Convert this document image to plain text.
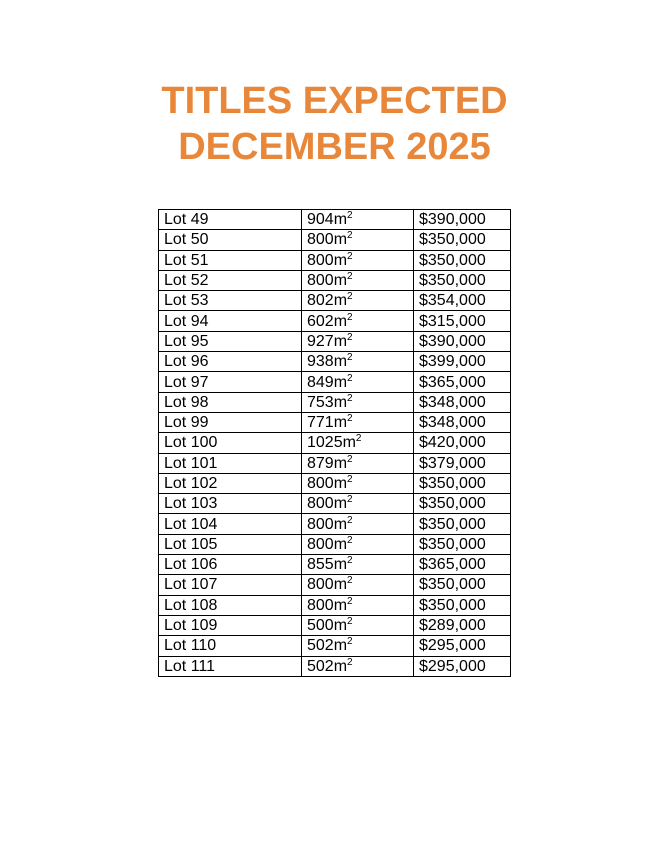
TITLES EXPECTED
DECEMBER 2025
Lot 49	$904m^2$	$390,000
Lot 50	$800m^2$	$350,000
Lot 51	$800m^2$	$350,000
Lot 52	$800m^2$	$350,000
Lot 53	$802m^2$	$354,000
Lot 94	$602m^2$	$315,000
Lot 95	$927m^2$	$390,000
Lot 96	$938m^2$	$399,000
Lot 97	$849m^2$	$365,000
Lot 98	$753m^2$	$348,000
Lot 99	$771m^2$	$348,000
Lot 100	$1025m^2$	$420,000
Lot 101	$879m^2$	$379,000
Lot 102	$800m^2$	$350,000
Lot 103	$800m^2$	$350,000
Lot 104	$800m^2$	$350,000
Lot 105	$800m^2$	$350,000
Lot 106	$855m^2$	$365,000
Lot 107	$800m^2$	$350,000
Lot 108	$800m^2$	$350,000
Lot 109	$500m^2$	$289,000
Lot 110	$502m^2$	$295,000
Lot 111	$502m^2$	$295,000
